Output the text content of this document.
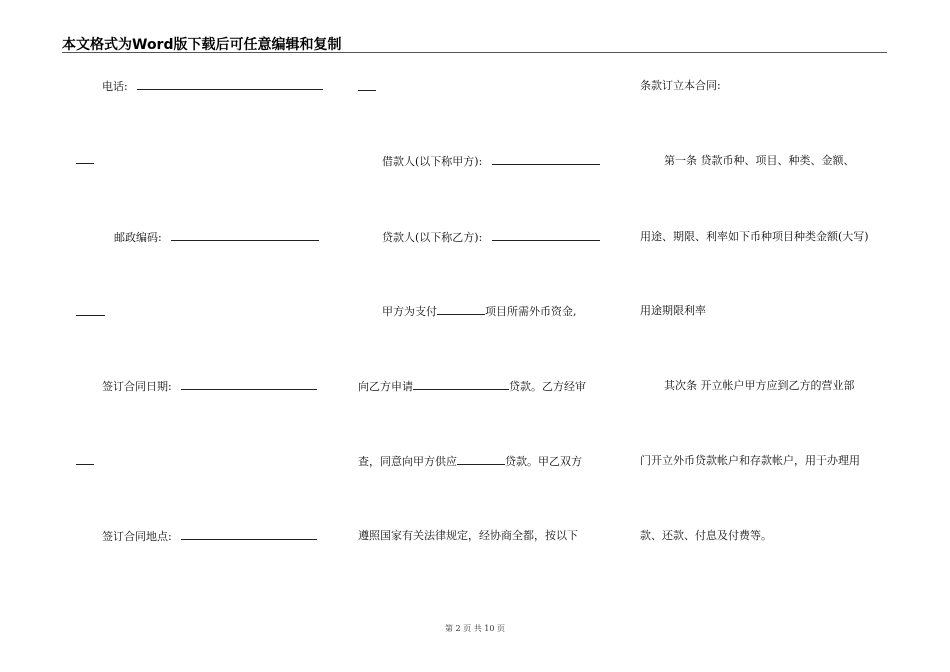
本文格式为Word版下载后可任意编辑和复制
电话:
邮政编码:
签订合同日期:
签订合同地点:
借款人(以下称甲方):
贷款人(以下称乙方):
甲方为支付	项目所需外币资金,
向乙方申请	贷款。乙方经审
查，同意向甲方供应	贷款。甲乙双方
遵照国家有关法律规定，经协商全都，按以下
条款订立本合同:
第一条 贷款币种、项目、种类、金额、
用途、期限、利率如下币种项目种类金额(大写)
用途期限利率
其次条 开立帐户甲方应到乙方的营业部
门开立外币贷款帐户和存款帐户，用于办理用
款、还款、付息及付费等。
第 2 页 共 10 页
